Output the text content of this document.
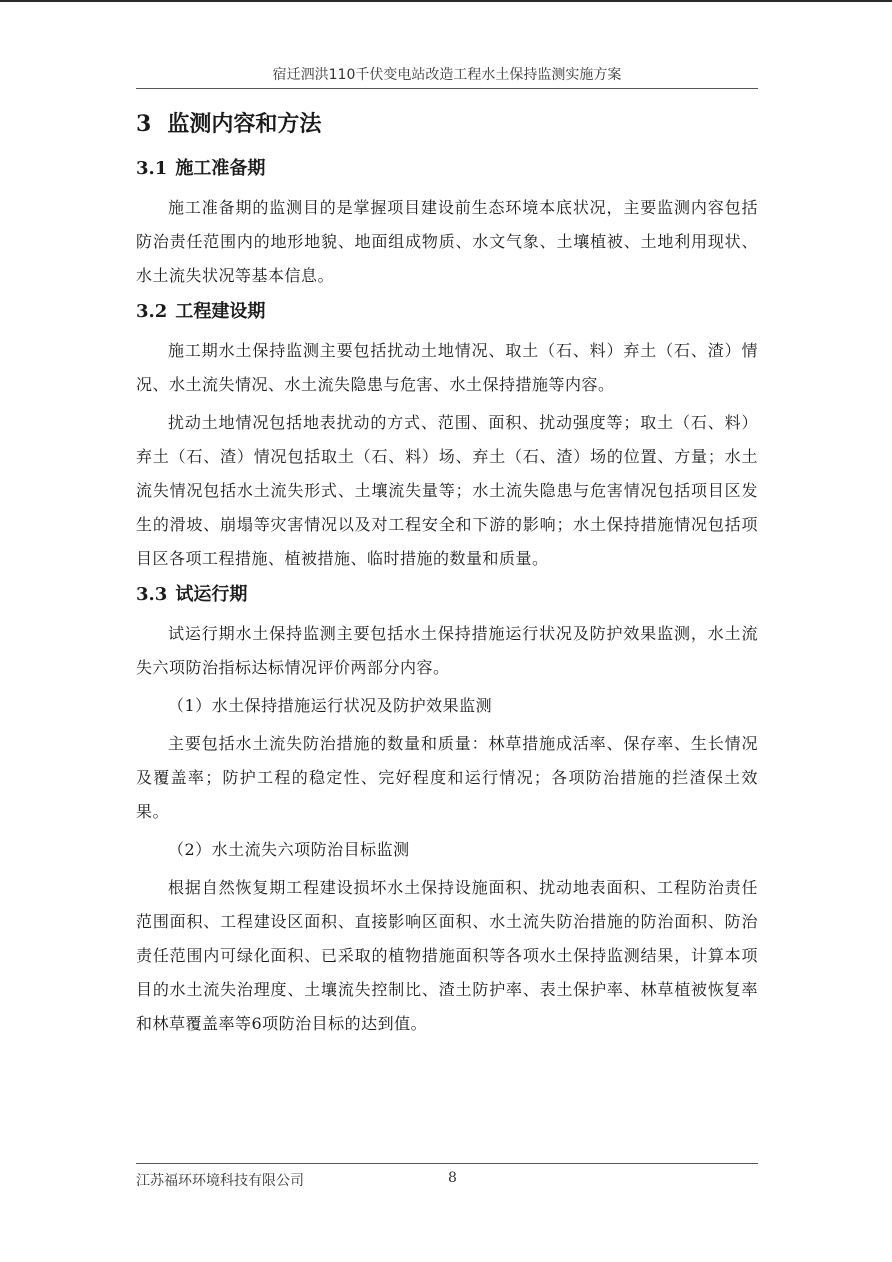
宿迁泗洪110千伏变电站改造工程水土保持监测实施方案
3 监测内容和方法
3.1 施工准备期

施工准备期的监测目的是掌握项目建设前生态环境本底状况，主要监测内容包括防治责任范围内的地形地貌、地面组成物质、水文气象、土壤植被、土地利用现状、水土流失状况等基本信息。

3.2 工程建设期

施工期水土保持监测主要包括扰动土地情况、取土（石、料）弃土（石、渣）情况、水土流失情况、水土流失隐患与危害、水土保持措施等内容。

扰动土地情况包括地表扰动的方式、范围、面积、扰动强度等；取土（石、料）弃土（石、渣）情况包括取土（石、料）场、弃土（石、渣）场的位置、方量；水土流失情况包括水土流失形式、土壤流失量等；水土流失隐患与危害情况包括项目区发生的滑坡、崩塌等灾害情况以及对工程安全和下游的影响；水土保持措施情况包括项目区各项工程措施、植被措施、临时措施的数量和质量。

3.3 试运行期

试运行期水土保持监测主要包括水土保持措施运行状况及防护效果监测，水土流失六项防治指标达标情况评价两部分内容。

（1）水土保持措施运行状况及防护效果监测

主要包括水土流失防治措施的数量和质量：林草措施成活率、保存率、生长情况及覆盖率；防护工程的稳定性、完好程度和运行情况；各项防治措施的拦渣保土效果。

（2）水土流失六项防治目标监测

根据自然恢复期工程建设损坏水土保持设施面积、扰动地表面积、工程防治责任范围面积、工程建设区面积、直接影响区面积、水土流失防治措施的防治面积、防治责任范围内可绿化面积、已采取的植物措施面积等各项水土保持监测结果，计算本项目的水土流失治理度、土壤流失控制比、渣土防护率、表土保护率、林草植被恢复率和林草覆盖率等6项防治目标的达到值。

江苏福环环境科技有限公司	8
